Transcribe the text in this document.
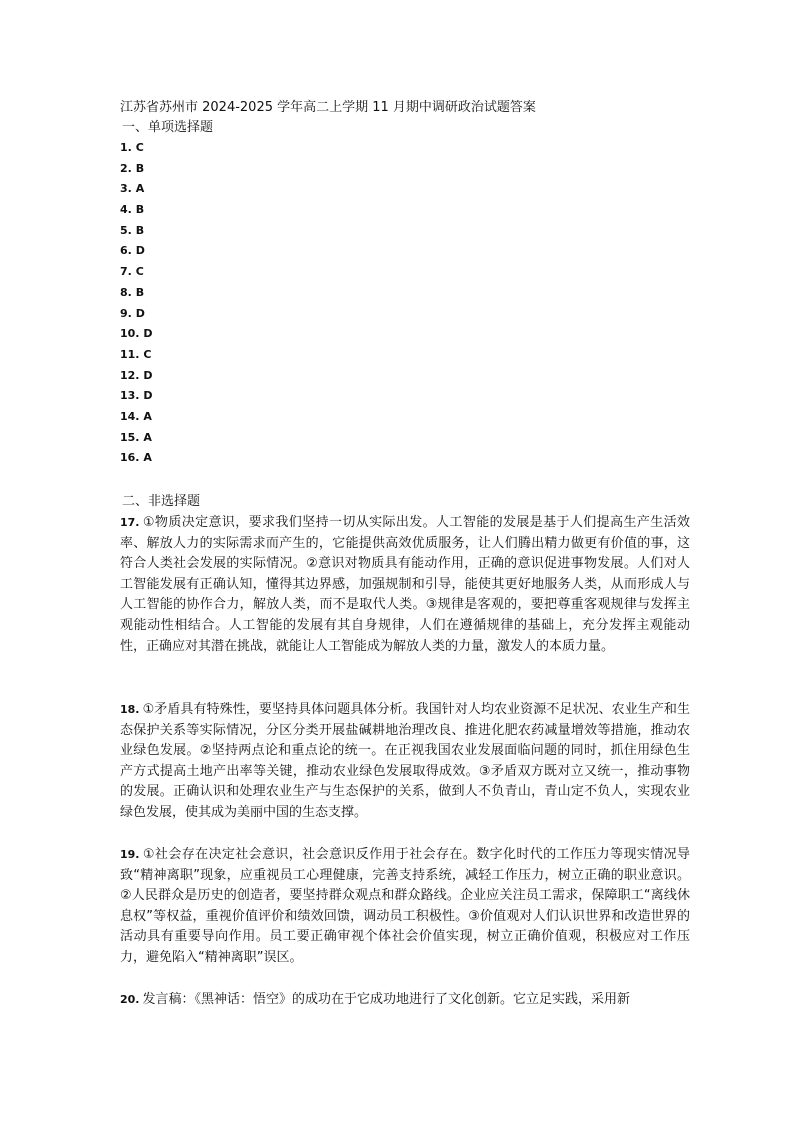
江苏省苏州市 2024-2025 学年高二上学期 11 月期中调研政治试题答案
一、单项选择题
1. C
2. B
3. A
4. B
5. B
6. D
7. C
8. B
9. D
10. D
11. C
12. D
13. D
14. A
15. A
16. A
二、非选择题
17. ①物质决定意识，要求我们坚持一切从实际出发。人工智能的发展是基于人们提高生产生活效率、解放人力的实际需求而产生的，它能提供高效优质服务，让人们腾出精力做更有价值的事，这符合人类社会发展的实际情况。②意识对物质具有能动作用，正确的意识促进事物发展。人们对人工智能发展有正确认知，懂得其边界感，加强规制和引导，能使其更好地服务人类，从而形成人与人工智能的协作合力，解放人类，而不是取代人类。③规律是客观的，要把尊重客观规律与发挥主观能动性相结合。人工智能的发展有其自身规律，人们在遵循规律的基础上，充分发挥主观能动性，正确应对其潜在挑战，就能让人工智能成为解放人类的力量，激发人的本质力量。
18. ①矛盾具有特殊性，要坚持具体问题具体分析。我国针对人均农业资源不足状况、农业生产和生态保护关系等实际情况，分区分类开展盐碱耕地治理改良、推进化肥农药减量增效等措施，推动农业绿色发展。②坚持两点论和重点论的统一。在正视我国农业发展面临问题的同时，抓住用绿色生产方式提高土地产出率等关键，推动农业绿色发展取得成效。③矛盾双方既对立又统一，推动事物的发展。正确认识和处理农业生产与生态保护的关系，做到人不负青山，青山定不负人，实现农业绿色发展，使其成为美丽中国的生态支撑。
19. ①社会存在决定社会意识，社会意识反作用于社会存在。数字化时代的工作压力等现实情况导致“精神离职”现象，应重视员工心理健康，完善支持系统，减轻工作压力，树立正确的职业意识。②人民群众是历史的创造者，要坚持群众观点和群众路线。企业应关注员工需求，保障职工“离线休息权”等权益，重视价值评价和绩效回馈，调动员工积极性。③价值观对人们认识世界和改造世界的活动具有重要导向作用。员工要正确审视个体社会价值实现，树立正确价值观，积极应对工作压力，避免陷入“精神离职”误区。
20. 发言稿：《黑神话：悟空》的成功在于它成功地进行了文化创新。它立足实践，采用新
